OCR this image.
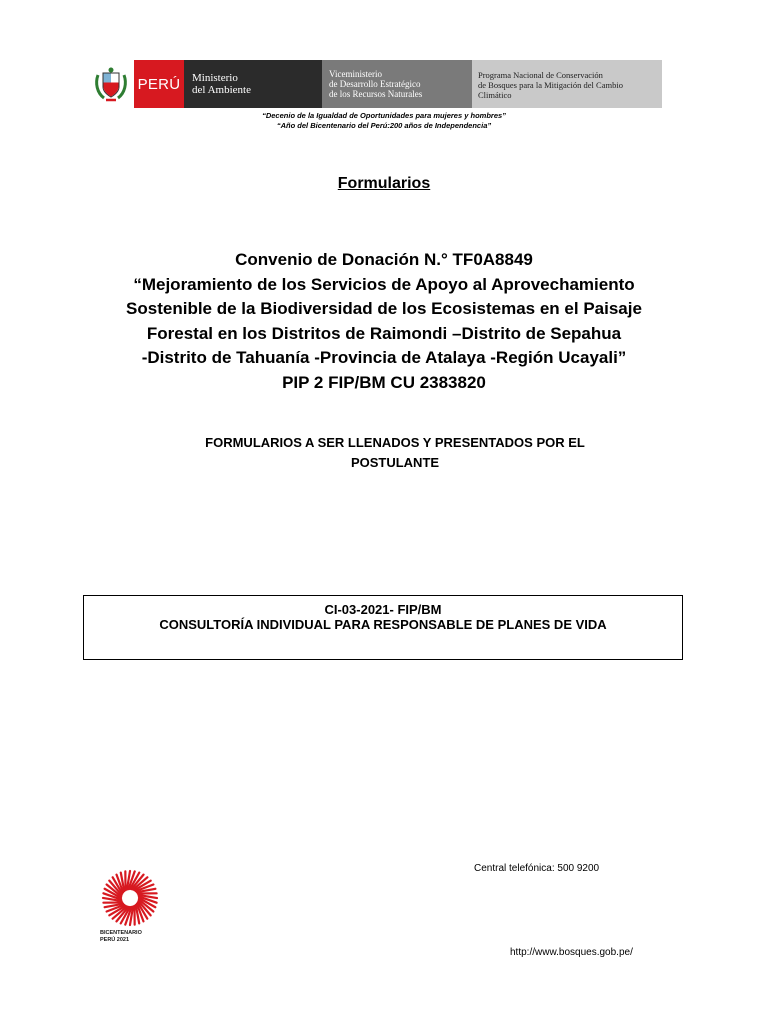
PERÚ	Ministerio
del Ambiente
Viceministerio
de Desarrollo Estratégico
de los Recursos Naturales
Programa Nacional de Conservación
de Bosques para la Mitigación del Cambio
Climático
“Decenio de la Igualdad de Oportunidades para mujeres y hombres”
“Año del Bicentenario del Perú:200 años de Independencia”
Formularios
Convenio de Donación N.° TF0A8849
“Mejoramiento de los Servicios de Apoyo al Aprovechamiento
Sostenible de la Biodiversidad de los Ecosistemas en el Paisaje
Forestal en los Distritos de Raimondi –Distrito de Sepahua
-Distrito de Tahuanía -Provincia de Atalaya -Región Ucayali”
PIP 2 FIP/BM CU 2383820
FORMULARIOS A SER LLENADOS Y PRESENTADOS POR EL
POSTULANTE
CI-03-2021- FIP/BM
CONSULTORÍA INDIVIDUAL PARA RESPONSABLE DE PLANES DE VIDA
BICENTENARIO
PERÚ 2021
Central telefónica: 500 9200
http://www.bosques.gob.pe/
